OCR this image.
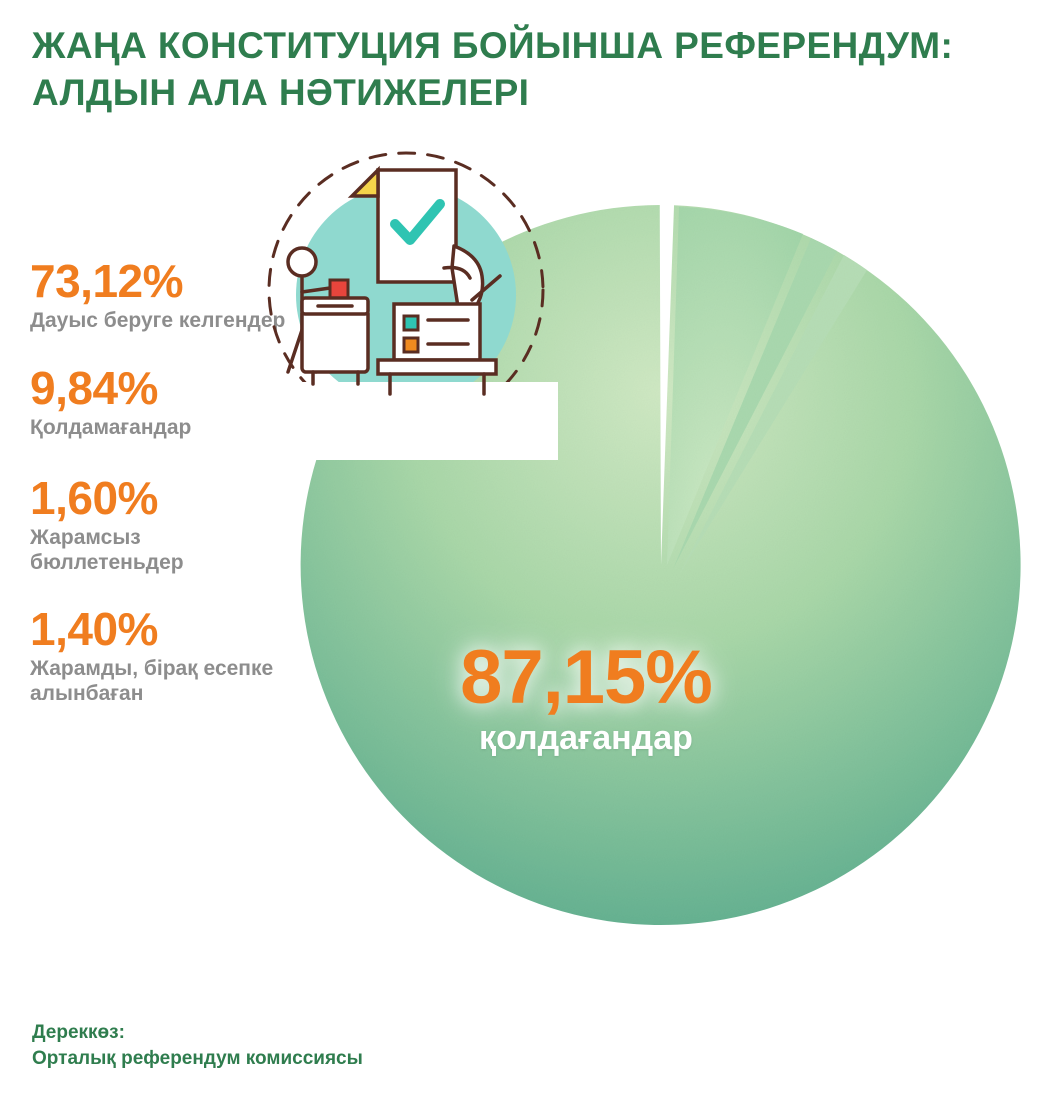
ЖАҢА КОНСТИТУЦИЯ БОЙЫНША РЕФЕРЕНДУМ:
АЛДЫН АЛА НӘТИЖЕЛЕРІ
73,12%
Дауыс беруге келгендер
9,84%
Қолдамағандар
1,60%
Жарамсыз бюллетеньдер
1,40%
Жарамды, бірақ есепке алынбаған	87,15%
қолдағандар
Дереккөз:
Орталық референдум комиссиясы
